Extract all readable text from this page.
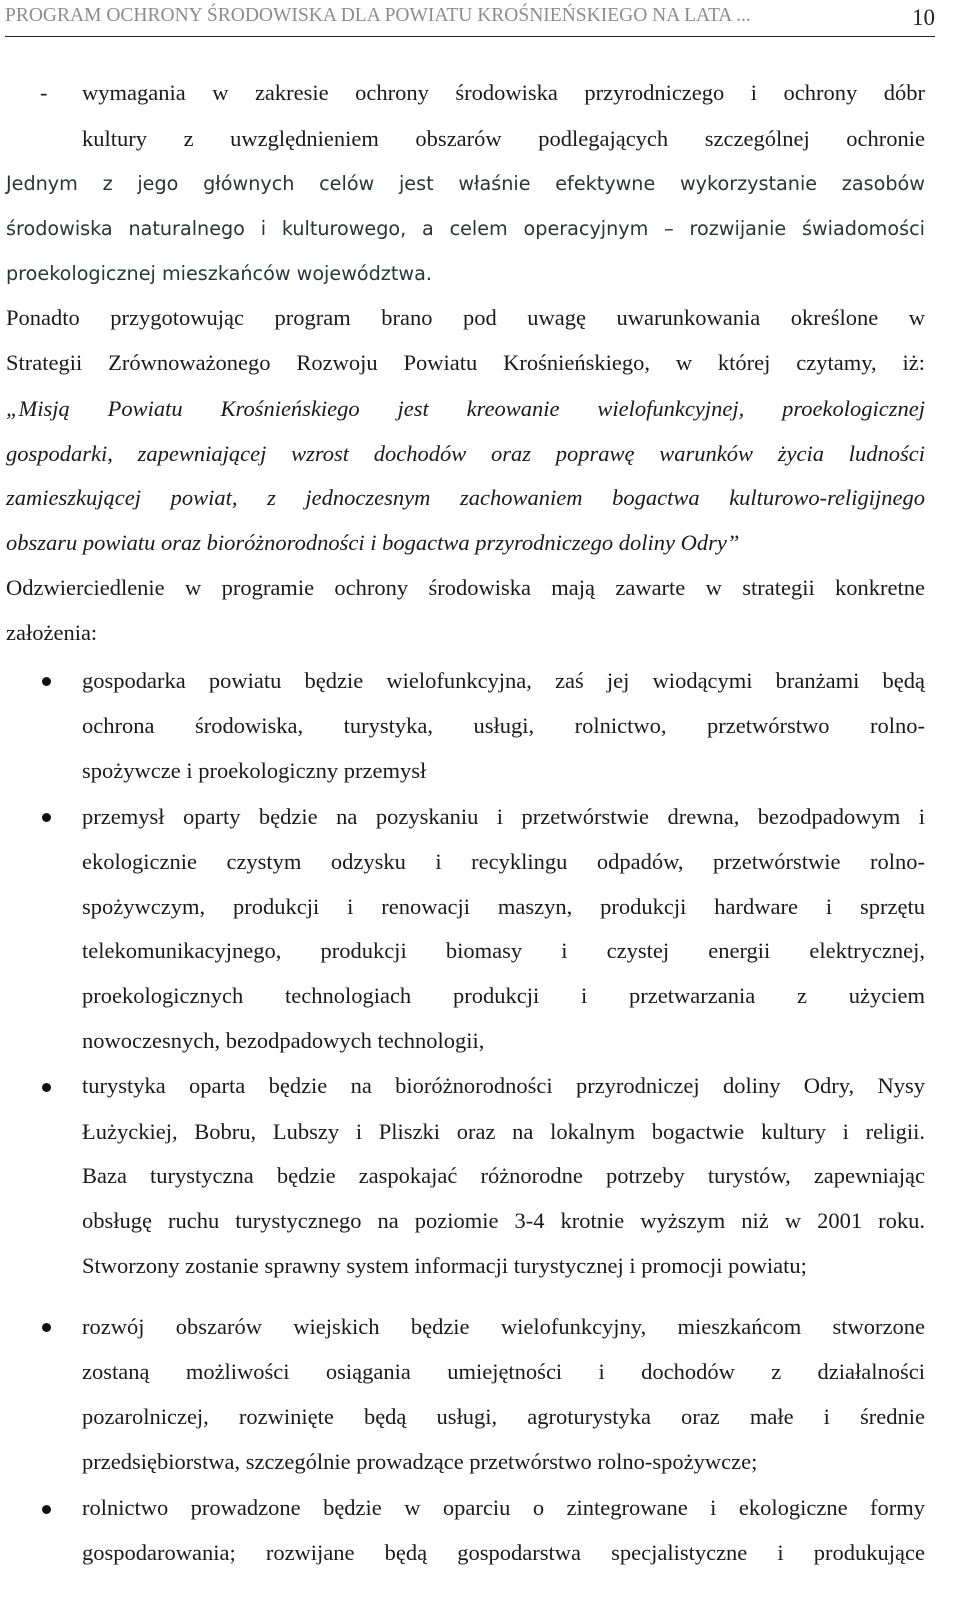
PROGRAM OCHRONY ŚRODOWISKA DLA POWIATU KROŚNIEŃSKIEGO NA LATA ...	10
-	wymagania w zakresie ochrony środowiska przyrodniczego i ochrony dóbr
kultury z uwzględnieniem obszarów podlegających szczególnej ochronie
Jednym z jego głównych celów jest właśnie efektywne wykorzystanie zasobów
środowiska naturalnego i kulturowego, a celem operacyjnym – rozwijanie świadomości
proekologicznej mieszkańców województwa.
Ponadto przygotowując program brano pod uwagę uwarunkowania określone w
Strategii Zrównoważonego Rozwoju Powiatu Krośnieńskiego, w której czytamy, iż:
„Misją Powiatu Krośnieńskiego jest kreowanie wielofunkcyjnej, proekologicznej
gospodarki, zapewniającej wzrost dochodów oraz poprawę warunków życia ludności
zamieszkującej powiat, z jednoczesnym zachowaniem bogactwa kulturowo-religijnego
obszaru powiatu oraz bioróżnorodności i bogactwa przyrodniczego doliny Odry”
Odzwierciedlenie w programie ochrony środowiska mają zawarte w strategii konkretne
założenia:
gospodarka powiatu będzie wielofunkcyjna, zaś jej wiodącymi branżami będą
ochrona środowiska, turystyka, usługi, rolnictwo, przetwórstwo rolno-
spożywcze i proekologiczny przemysł
przemysł oparty będzie na pozyskaniu i przetwórstwie drewna, bezodpadowym i
ekologicznie czystym odzysku i recyklingu odpadów, przetwórstwie rolno-
spożywczym, produkcji i renowacji maszyn, produkcji hardware i sprzętu
telekomunikacyjnego, produkcji biomasy i czystej energii elektrycznej,
proekologicznych technologiach produkcji i przetwarzania z użyciem
nowoczesnych, bezodpadowych technologii,
turystyka oparta będzie na bioróżnorodności przyrodniczej doliny Odry, Nysy
Łużyckiej, Bobru, Lubszy i Pliszki oraz na lokalnym bogactwie kultury i religii.
Baza turystyczna będzie zaspokajać różnorodne potrzeby turystów, zapewniając
obsługę ruchu turystycznego na poziomie 3-4 krotnie wyższym niż w 2001 roku.
Stworzony zostanie sprawny system informacji turystycznej i promocji powiatu;
rozwój obszarów wiejskich będzie wielofunkcyjny, mieszkańcom stworzone
zostaną możliwości osiągania umiejętności i dochodów z działalności
pozarolniczej, rozwinięte będą usługi, agroturystyka oraz małe i średnie
przedsiębiorstwa, szczególnie prowadzące przetwórstwo rolno-spożywcze;
rolnictwo prowadzone będzie w oparciu o zintegrowane i ekologiczne formy
gospodarowania; rozwijane będą gospodarstwa specjalistyczne i produkujące
